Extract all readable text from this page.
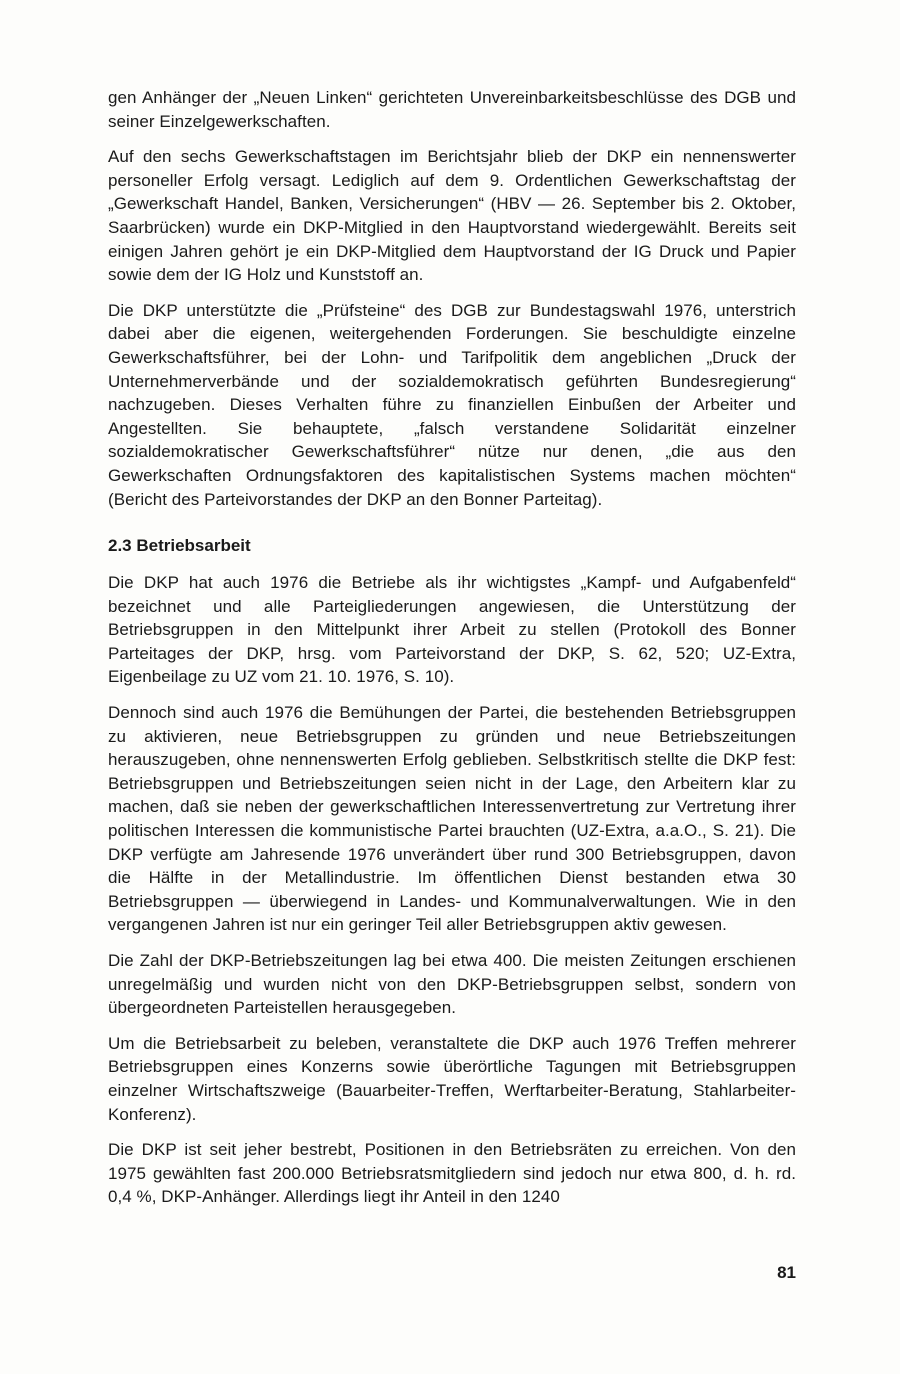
gen Anhänger der „Neuen Linken“ gerichteten Unvereinbarkeitsbeschlüsse des DGB und seiner Einzelgewerkschaften.

Auf den sechs Gewerkschaftstagen im Berichtsjahr blieb der DKP ein nennenswerter personeller Erfolg versagt. Lediglich auf dem 9. Ordentlichen Gewerkschaftstag der „Gewerkschaft Handel, Banken, Versicherungen“ (HBV — 26. September bis 2. Oktober, Saarbrücken) wurde ein DKP-Mitglied in den Hauptvorstand wiedergewählt. Bereits seit einigen Jahren gehört je ein DKP-Mitglied dem Hauptvorstand der IG Druck und Papier sowie dem der IG Holz und Kunststoff an.

Die DKP unterstützte die „Prüfsteine“ des DGB zur Bundestagswahl 1976, unterstrich dabei aber die eigenen, weitergehenden Forderungen. Sie beschuldigte einzelne Gewerkschaftsführer, bei der Lohn- und Tarifpolitik dem angeblichen „Druck der Unternehmerverbände und der sozialdemokratisch geführten Bundesregierung“ nachzugeben. Dieses Verhalten führe zu finanziellen Einbußen der Arbeiter und Angestellten. Sie behauptete, „falsch verstandene Solidarität einzelner sozialdemokratischer Gewerkschaftsführer“ nütze nur denen, „die aus den Gewerkschaften Ordnungsfaktoren des kapitalistischen Systems machen möchten“ (Bericht des Parteivorstandes der DKP an den Bonner Parteitag).

2.3 Betriebsarbeit

Die DKP hat auch 1976 die Betriebe als ihr wichtigstes „Kampf- und Aufgabenfeld“ bezeichnet und alle Parteigliederungen angewiesen, die Unterstützung der Betriebsgruppen in den Mittelpunkt ihrer Arbeit zu stellen (Protokoll des Bonner Parteitages der DKP, hrsg. vom Parteivorstand der DKP, S. 62, 520; UZ-Extra, Eigenbeilage zu UZ vom 21. 10. 1976, S. 10).

Dennoch sind auch 1976 die Bemühungen der Partei, die bestehenden Betriebsgruppen zu aktivieren, neue Betriebsgruppen zu gründen und neue Betriebszeitungen herauszugeben, ohne nennenswerten Erfolg geblieben. Selbstkritisch stellte die DKP fest: Betriebsgruppen und Betriebszeitungen seien nicht in der Lage, den Arbeitern klar zu machen, daß sie neben der gewerkschaftlichen Interessenvertretung zur Vertretung ihrer politischen Interessen die kommunistische Partei brauchten (UZ-Extra, a.a.O., S. 21). Die DKP verfügte am Jahresende 1976 unverändert über rund 300 Betriebsgruppen, davon die Hälfte in der Metallindustrie. Im öffentlichen Dienst bestanden etwa 30 Betriebsgruppen — überwiegend in Landes- und Kommunalverwaltungen. Wie in den vergangenen Jahren ist nur ein geringer Teil aller Betriebsgruppen aktiv gewesen.

Die Zahl der DKP-Betriebszeitungen lag bei etwa 400. Die meisten Zeitungen erschienen unregelmäßig und wurden nicht von den DKP-Betriebsgruppen selbst, sondern von übergeordneten Parteistellen herausgegeben.

Um die Betriebsarbeit zu beleben, veranstaltete die DKP auch 1976 Treffen mehrerer Betriebsgruppen eines Konzerns sowie überörtliche Tagungen mit Betriebsgruppen einzelner Wirtschaftszweige (Bauarbeiter-Treffen, Werftarbeiter-Beratung, Stahlarbeiter-Konferenz).

Die DKP ist seit jeher bestrebt, Positionen in den Betriebsräten zu erreichen. Von den 1975 gewählten fast 200.000 Betriebsratsmitgliedern sind jedoch nur etwa 800, d. h. rd. 0,4 %, DKP-Anhänger. Allerdings liegt ihr Anteil in den 1240

81
